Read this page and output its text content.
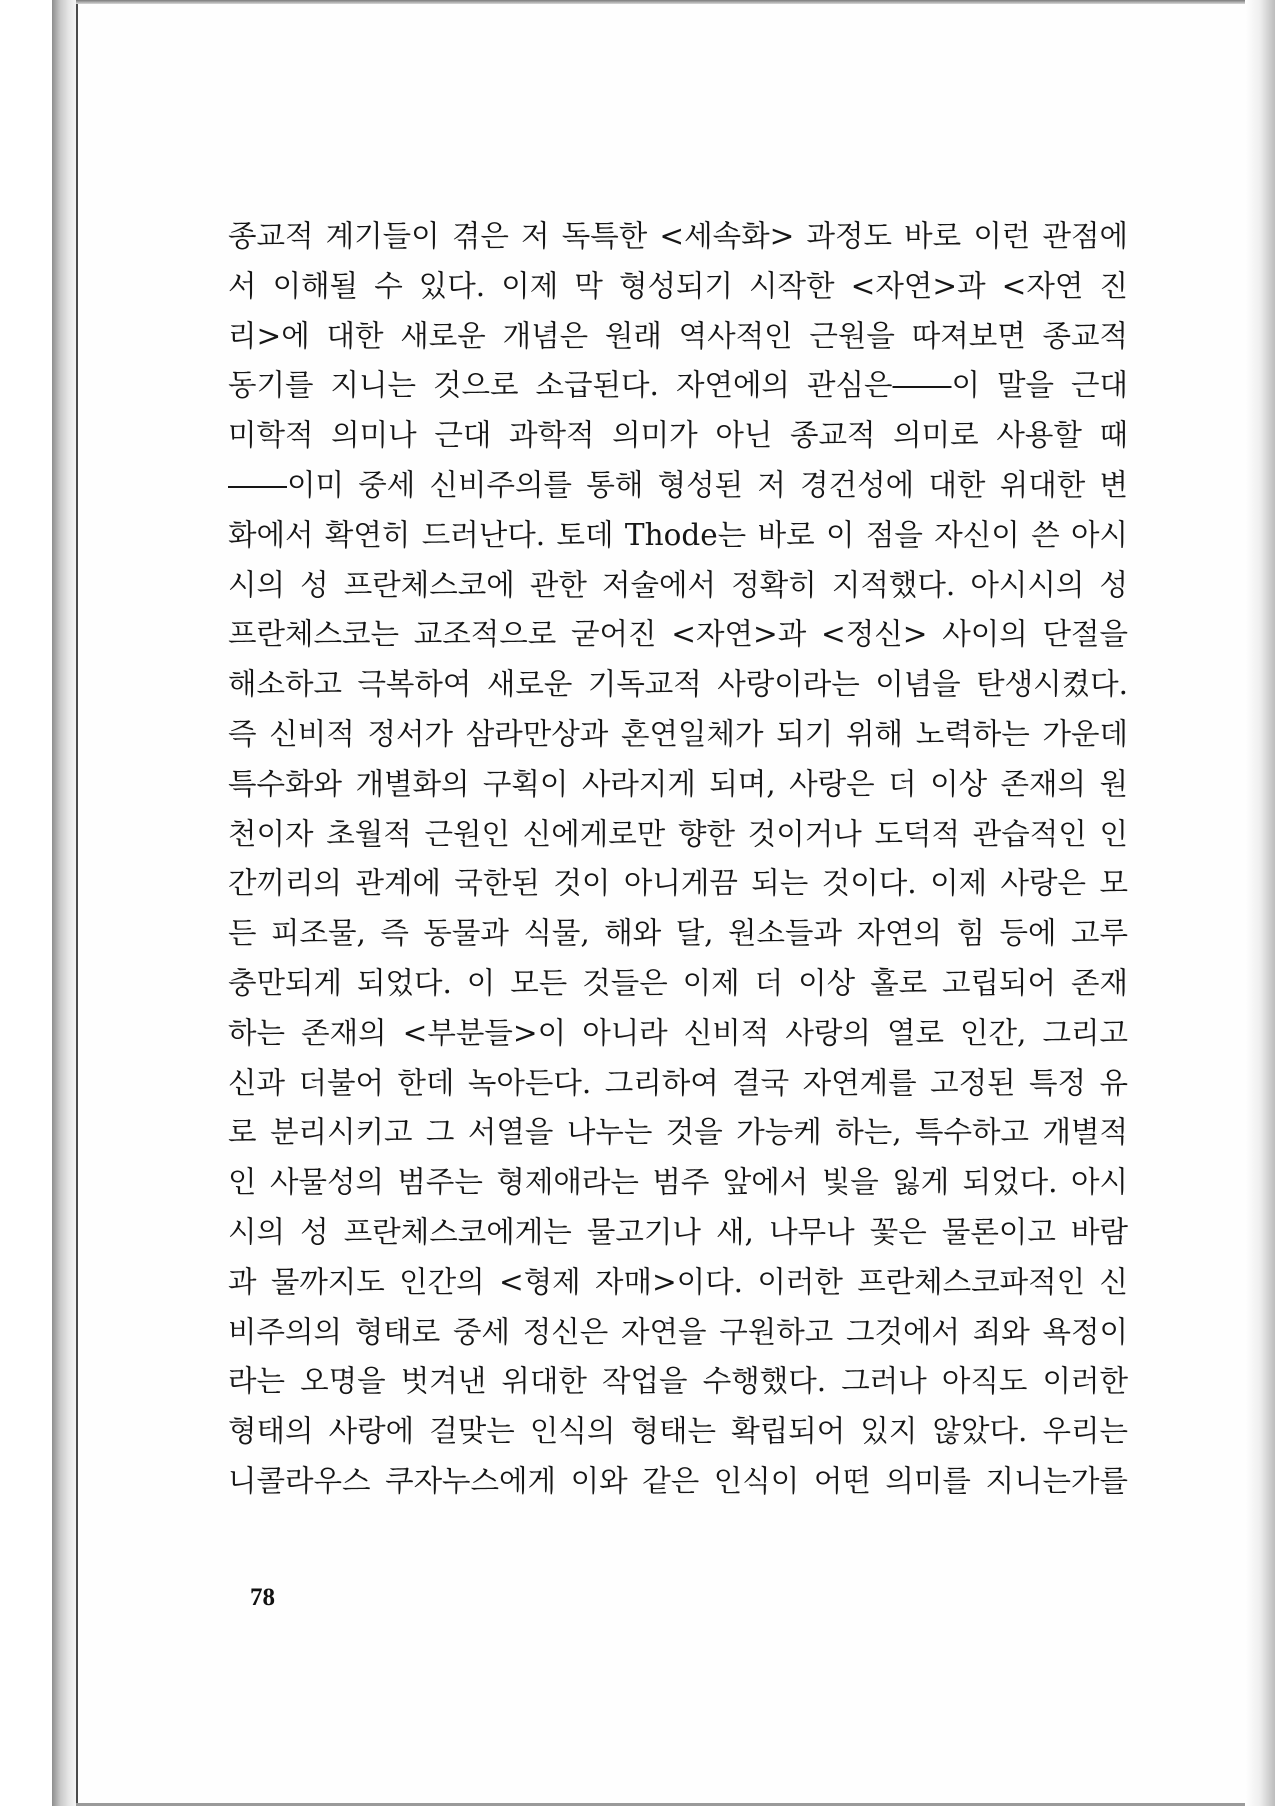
종교적 계기들이 겪은 저 독특한 <세속화> 과정도 바로 이런 관점에
서 이해될 수 있다. 이제 막 형성되기 시작한 <자연>과 <자연 진
리>에 대한 새로운 개념은 원래 역사적인 근원을 따져보면 종교적
동기를 지니는 것으로 소급된다. 자연에의 관심은――이 말을 근대
미학적 의미나 근대 과학적 의미가 아닌 종교적 의미로 사용할 때
――이미 중세 신비주의를 통해 형성된 저 경건성에 대한 위대한 변
화에서 확연히 드러난다. 토데 Thode는 바로 이 점을 자신이 쓴 아시
시의 성 프란체스코에 관한 저술에서 정확히 지적했다. 아시시의 성
프란체스코는 교조적으로 굳어진 <자연>과 <정신> 사이의 단절을
해소하고 극복하여 새로운 기독교적 사랑이라는 이념을 탄생시켰다.
즉 신비적 정서가 삼라만상과 혼연일체가 되기 위해 노력하는 가운데
특수화와 개별화의 구획이 사라지게 되며, 사랑은 더 이상 존재의 원
천이자 초월적 근원인 신에게로만 향한 것이거나 도덕적 관습적인 인
간끼리의 관계에 국한된 것이 아니게끔 되는 것이다. 이제 사랑은 모
든 피조물, 즉 동물과 식물, 해와 달, 원소들과 자연의 힘 등에 고루
충만되게 되었다. 이 모든 것들은 이제 더 이상 홀로 고립되어 존재
하는 존재의 <부분들>이 아니라 신비적 사랑의 열로 인간, 그리고
신과 더불어 한데 녹아든다. 그리하여 결국 자연계를 고정된 특정 유
로 분리시키고 그 서열을 나누는 것을 가능케 하는, 특수하고 개별적
인 사물성의 범주는 형제애라는 범주 앞에서 빛을 잃게 되었다. 아시
시의 성 프란체스코에게는 물고기나 새, 나무나 꽃은 물론이고 바람
과 물까지도 인간의 <형제 자매>이다. 이러한 프란체스코파적인 신
비주의의 형태로 중세 정신은 자연을 구원하고 그것에서 죄와 욕정이
라는 오명을 벗겨낸 위대한 작업을 수행했다. 그러나 아직도 이러한
형태의 사랑에 걸맞는 인식의 형태는 확립되어 있지 않았다. 우리는
니콜라우스 쿠자누스에게 이와 같은 인식이 어떤 의미를 지니는가를
78
